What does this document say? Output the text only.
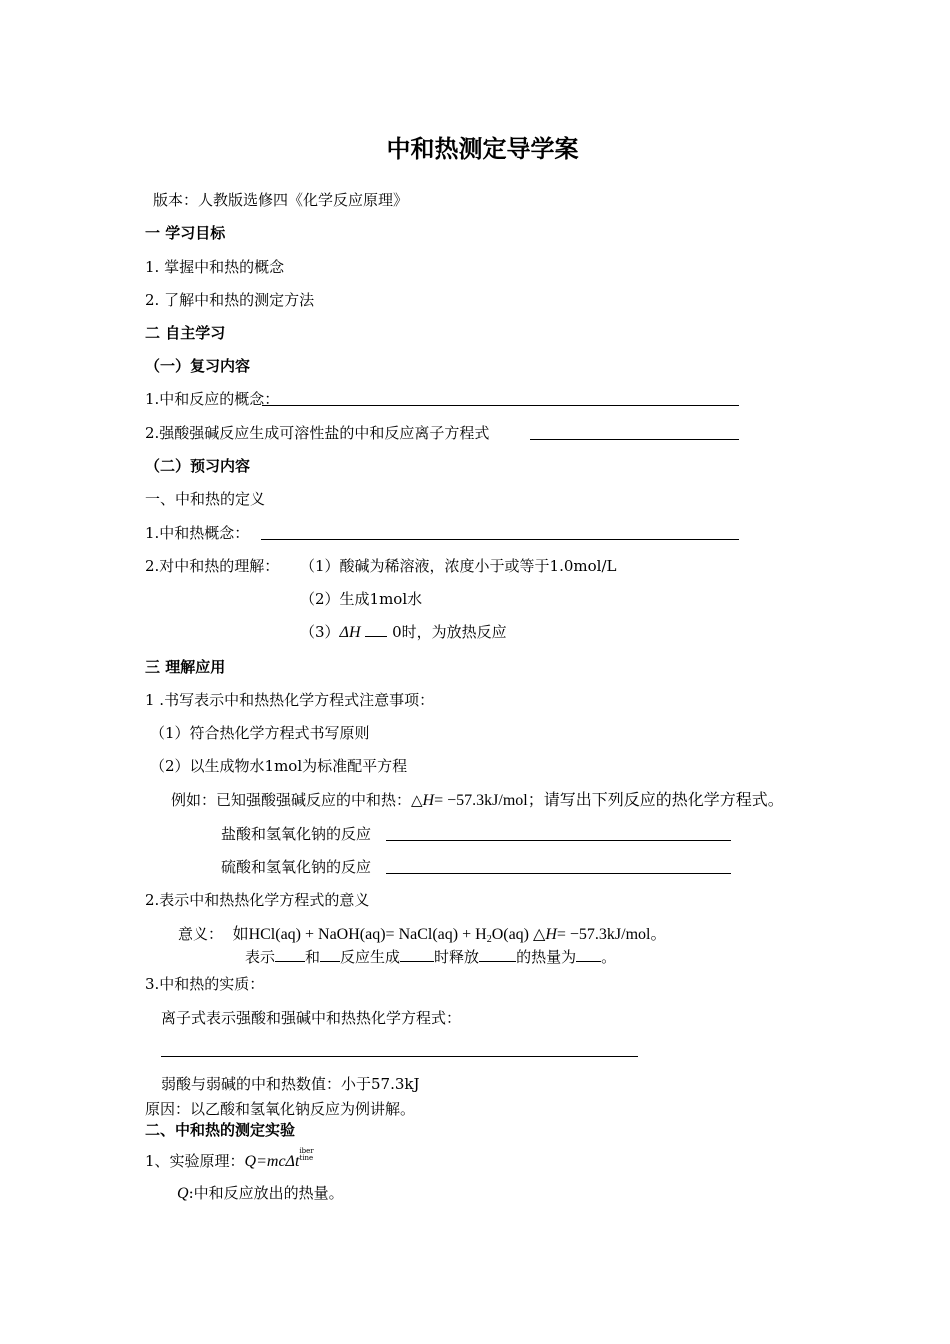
中和热测定导学案
版本：人教版选修四《化学反应原理》
一 学习目标
1. 掌握中和热的概念
2. 了解中和热的测定方法
二 自主学习
（一）复习内容
1.中和反应的概念：
2.强酸强碱反应生成可溶性盐的中和反应离子方程式
（二）预习内容
一、中和热的定义
1.中和热概念：
2.对中和热的理解： （1）酸碱为稀溶液，浓度小于或等于1.0mol/L
（2）生成1mol水
（3）ΔH 0时，为放热反应
三 理解应用
1 .书写表示中和热热化学方程式注意事项：
（1）符合热化学方程式书写原则
（2）以生成物水1mol为标准配平方程
例如：已知强酸强碱反应的中和热：△H= −57.3kJ/mol；请写出下列反应的热化学方程式。
盐酸和氢氧化钠的反应
硫酸和氢氧化钠的反应
2.表示中和热热化学方程式的意义
意义： 如HCl(aq) + NaOH(aq)= NaCl(aq) + H2O(aq) △H= −57.3kJ/mol。
表示 和 反应生成 时释放 的热量为 。
3.中和热的实质：
离子式表示强酸和强碱中和热热化学方程式：
弱酸与弱碱的中和热数值：小于57.3kJ
原因：以乙酸和氢氧化钠反应为例讲解。
二、中和热的测定实验
1、实验原理：Q=mcΔtiber
tine
Q:中和反应放出的热量。
